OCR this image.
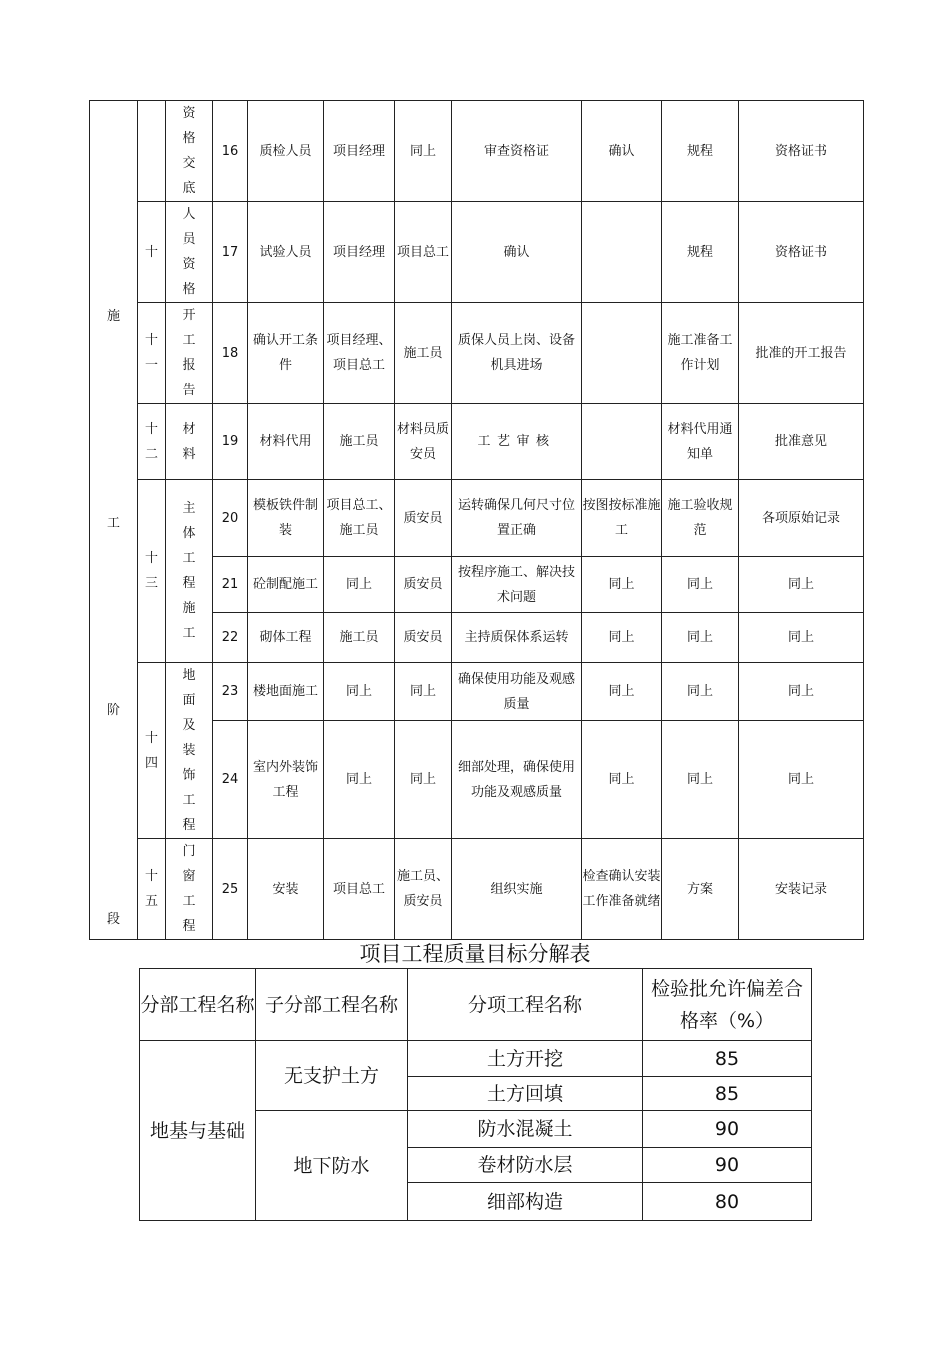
施
工
阶
段		资格交底	16	质检人员	项目经理	同上	审查资格证	确认	规程	资格证书
	十	人员资格	17	试验人员	项目经理	项目总工	确认		规程	资格证书

	十一	开工报告	18	确认开工条件	项目经理、项目总工	施工员	质保人员上岗、设备机具进场		施工准备工作计划	批准的开工报告

	十二	材料	19	材料代用	施工员	材料员质安员	工艺审核		材料代用通知单	批准意见

	十三	主体工程施工	20	模板铁件制装	项目总工、施工员	质安员	运转确保几何尺寸位置正确	按图按标准施工	施工验收规范	各项原始记录
			21	砼制配施工	同上	质安员	按程序施工、解决技术问题	同上	同上	同上
			22	砌体工程	施工员	质安员	主持质保体系运转	同上	同上	同上

	十四	地面及装饰工程	23	楼地面施工	同上	同上	确保使用功能及观感质量	同上	同上	同上
			24	室内外装饰工程	同上	同上	细部处理，确保使用功能及观感质量	同上	同上	同上

	十五	门窗工程	25	安装	项目总工	施工员、质安员	组织实施	检查确认安装工作准备就绪	方案	安装记录
项目工程质量目标分解表
分部工程名称	子分部工程名称	分项工程名称	检验批允许偏差合格率（%）
地基与基础	无支护土方	土方开挖	85
		土方回填	85
	地下防水	防水混凝土	90
		卷材防水层	90
		细部构造	80
